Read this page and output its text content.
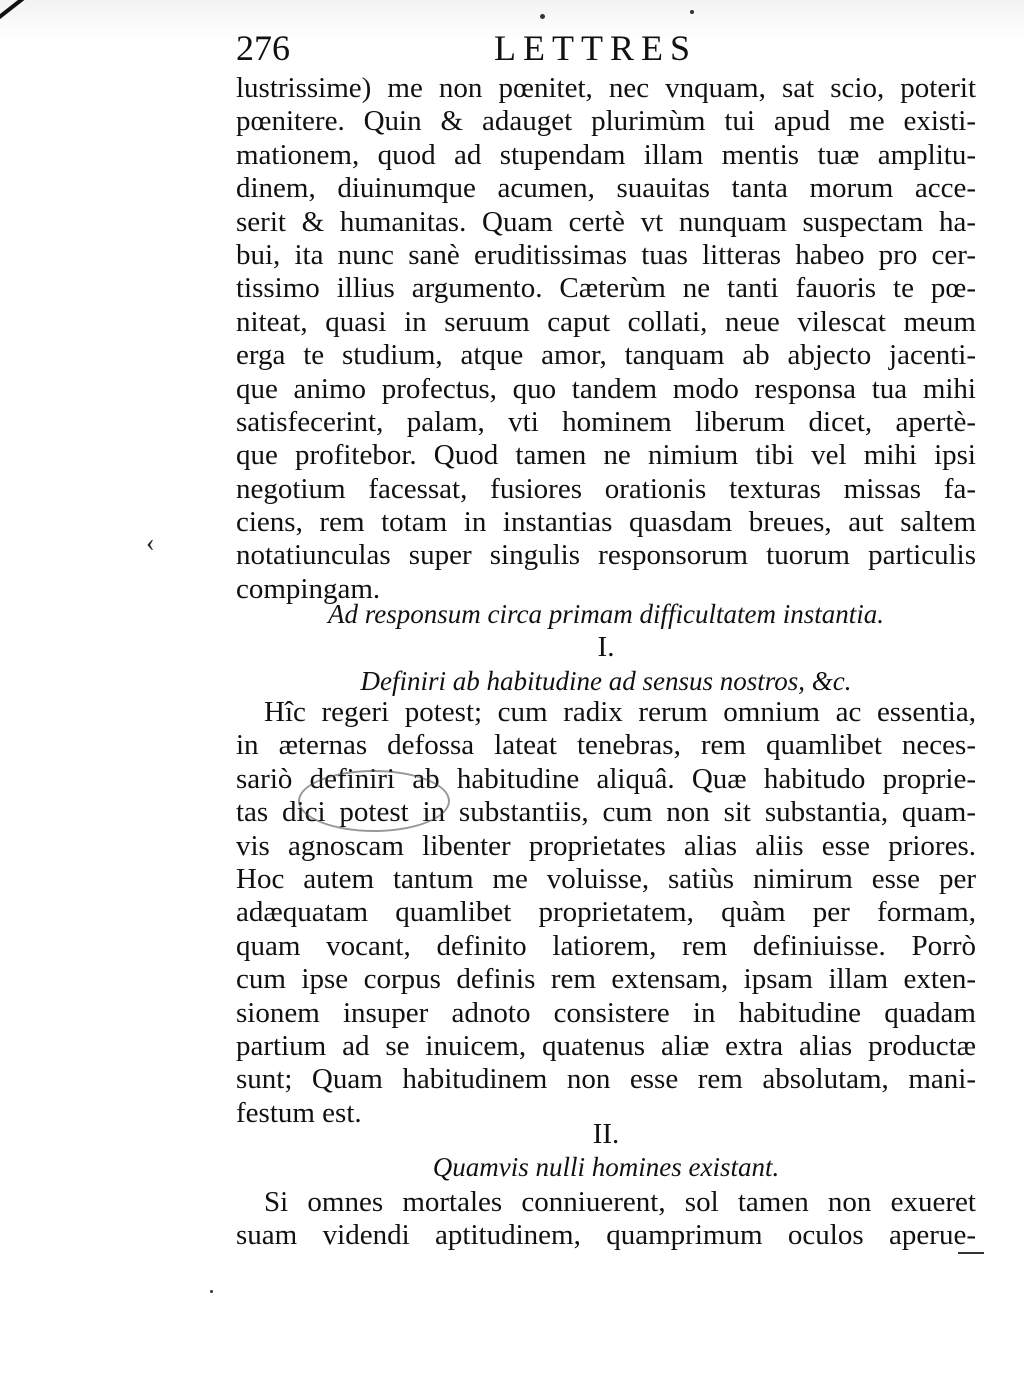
276	LETTRES
lustrissime) me non pœnitet, nec vnquam, sat scio, poterit
pœnitere. Quin & adauget plurimùm tui apud me existi-
mationem, quod ad stupendam illam mentis tuæ amplitu-
dinem, diuinumque acumen, suauitas tanta morum acce-
serit & humanitas. Quam certè vt nunquam suspectam ha-
bui, ita nunc sanè eruditissimas tuas litteras habeo pro cer-
tissimo illius argumento. Cæterùm ne tanti fauoris te pœ-
niteat, quasi in seruum caput collati, neue vilescat meum
erga te studium, atque amor, tanquam ab abjecto jacenti-
que animo profectus, quo tandem modo responsa tua mihi
satisfecerint, palam, vti hominem liberum dicet, apertè-
que profitebor. Quod tamen ne nimium tibi vel mihi ipsi
negotium facessat, fusiores orationis texturas missas fa-
ciens, rem totam in instantias quasdam breues, aut saltem
notatiunculas super singulis responsorum tuorum particulis
compingam.
Ad responsum circa primam difficultatem instantia.
I.
Definiri ab habitudine ad sensus nostros, &c.
Hîc regeri potest; cum radix rerum omnium ac essentia,
in æternas defossa lateat tenebras, rem quamlibet neces-
sariò definiri ab habitudine aliquâ. Quæ habitudo proprie-
tas dici potest in substantiis, cum non sit substantia, quam-
vis agnoscam libenter proprietates alias aliis esse priores.
Hoc autem tantum me voluisse, satiùs nimirum esse per
adæquatam quamlibet proprietatem, quàm per formam,
quam vocant, definito latiorem, rem definiuisse. Porrò
cum ipse corpus definis rem extensam, ipsam illam exten-
sionem insuper adnoto consistere in habitudine quadam
partium ad se inuicem, quatenus aliæ extra alias productæ
sunt; Quam habitudinem non esse rem absolutam, mani-
festum est.
II.
Quamvis nulli homines existant.
Si omnes mortales conniuerent, sol tamen non exueret
suam videndi aptitudinem, quamprimum oculos aperue-
‹
